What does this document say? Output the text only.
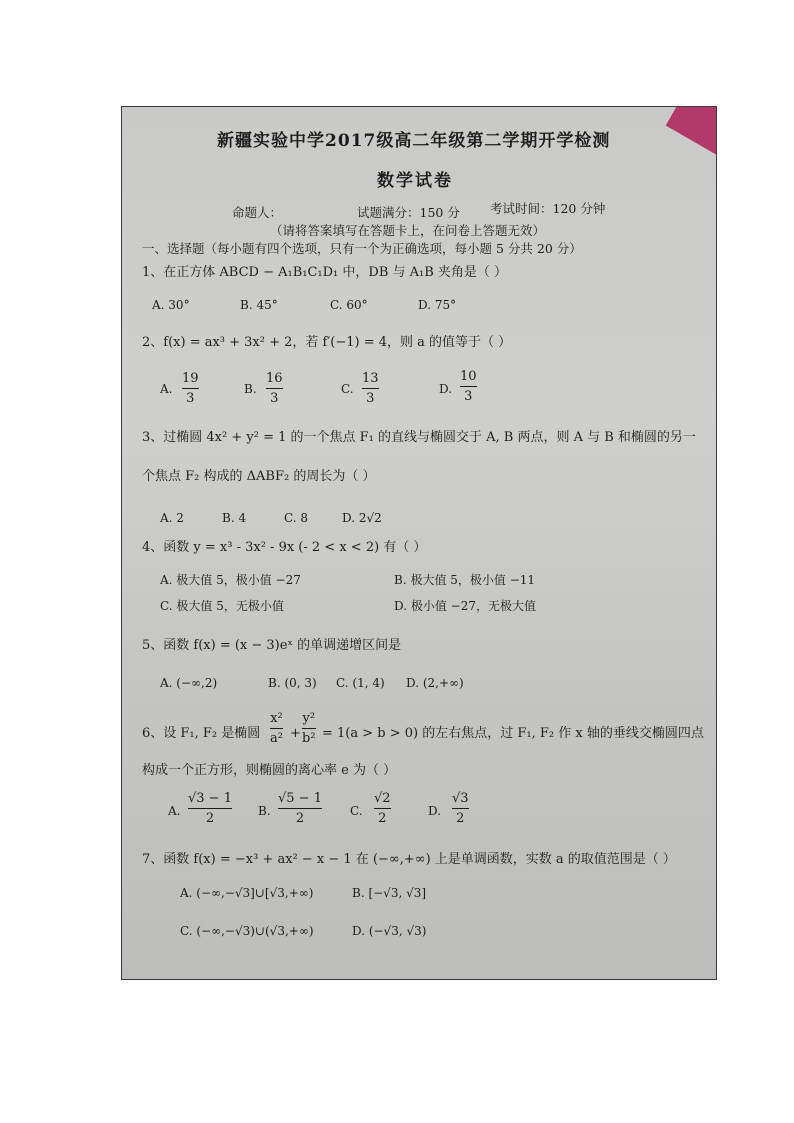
新疆实验中学2017级高二年级第二学期开学检测
数学试卷
命题人：	试题满分：150 分 考试时间：120 分钟
（请将答案填写在答题卡上，在问卷上答题无效）
一、选择题（每小题有四个选项，只有一个为正确选项，每小题 5 分共 20 分）
1、在正方体 ABCD − A₁B₁C₁D₁ 中，DB 与 A₁B 夹角是（ ）
A. 30°	B. 45°	C. 60°	D. 75°
2、f(x) = ax³ + 3x² + 2，若 f′(−1) = 4，则 a 的值等于（ ）
A.
19
3
B.
16
3
C.
13
3
D.
10
3
3、过椭圆 4x² + y² = 1 的一个焦点 F₁ 的直线与椭圆交于 A, B 两点，则 A 与 B 和椭圆的另一
个焦点 F₂ 构成的 ΔABF₂ 的周长为（ ）
A. 2	B. 4	C. 8	D. 2√2
4、函数 y = x³ - 3x² - 9x (- 2 < x < 2) 有（ ）
A. 极大值 5，极小值 −27	B. 极大值 5，极小值 −11
C. 极大值 5，无极小值	D. 极小值 −27，无极大值
5、函数 f(x) = (x − 3)eˣ 的单调递增区间是
A. (−∞,2)	B. (0, 3) C. (1, 4) D. (2,+∞)
6、设 F₁, F₂ 是椭圆
x²
a² +
y²
b² = 1(a > b > 0) 的左右焦点，过 F₁, F₂ 作 x 轴的垂线交椭圆四点
构成一个正方形，则椭圆的离心率 e 为（ ）
A.
√3 − 1
2	B.
√5 − 1
2	C.
√2
2	D.
√3
2
7、函数 f(x) = −x³ + ax² − x − 1 在 (−∞,+∞) 上是单调函数，实数 a 的取值范围是（ ）
A. (−∞,−√3]∪[√3,+∞)	B. [−√3, √3]
C. (−∞,−√3)∪(√3,+∞)	D. (−√3, √3)
